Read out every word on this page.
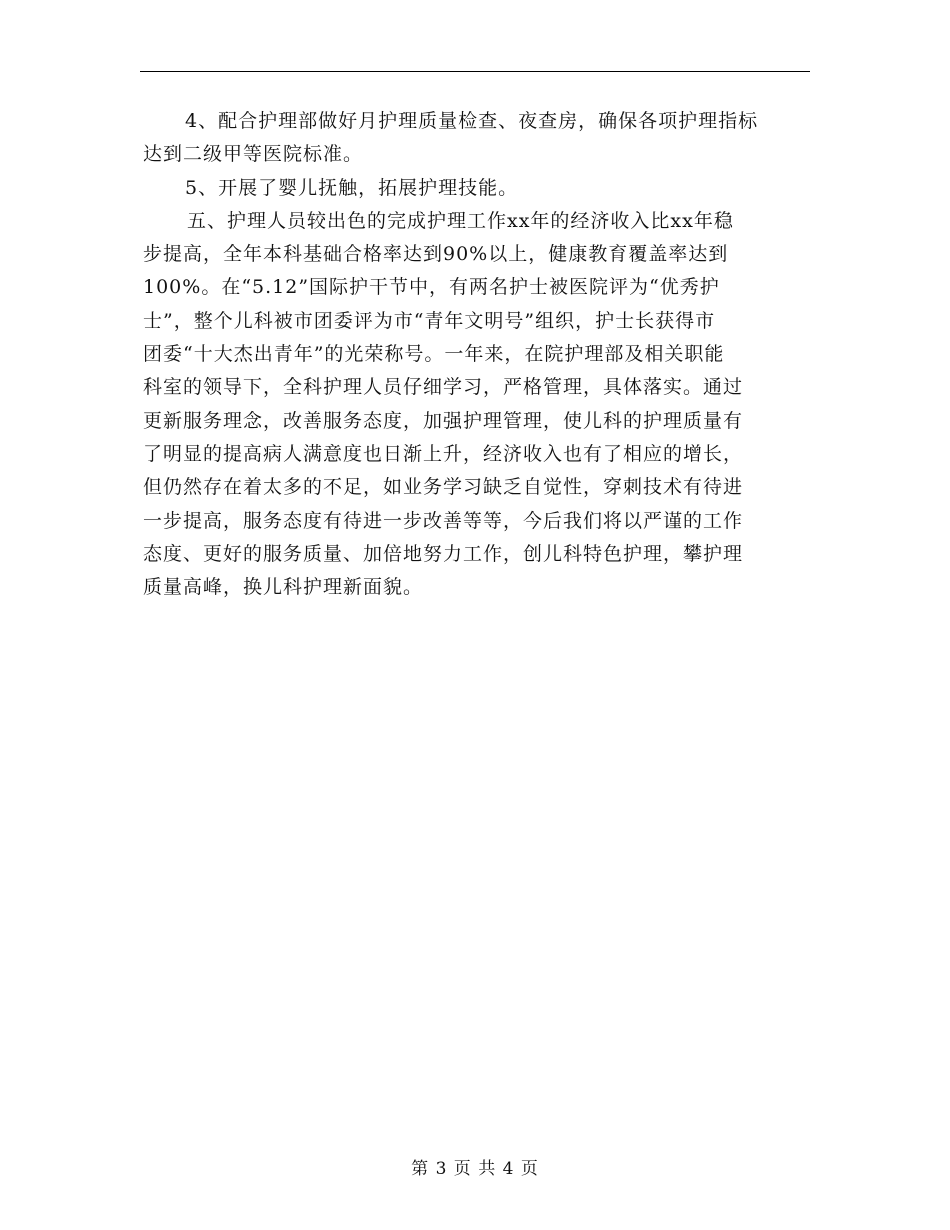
4、配合护理部做好月护理质量检查、夜查房，确保各项护理指标
达到二级甲等医院标准。

5、开展了婴儿抚触，拓展护理技能。

五、护理人员较出色的完成护理工作xx年的经济收入比xx年稳
步提高，全年本科基础合格率达到90%以上，健康教育覆盖率达到
100%。在“5.12”国际护干节中，有两名护士被医院评为“优秀护
士”，整个儿科被市团委评为市“青年文明号”组织，护士长获得市
团委“十大杰出青年”的光荣称号。一年来，在院护理部及相关职能
科室的领导下，全科护理人员仔细学习，严格管理，具体落实。通过
更新服务理念，改善服务态度，加强护理管理，使儿科的护理质量有
了明显的提高病人满意度也日渐上升，经济收入也有了相应的增长，
但仍然存在着太多的不足，如业务学习缺乏自觉性，穿刺技术有待进
一步提高，服务态度有待进一步改善等等，今后我们将以严谨的工作
态度、更好的服务质量、加倍地努力工作，创儿科特色护理，攀护理
质量高峰，换儿科护理新面貌。

第 3 页 共 4 页
